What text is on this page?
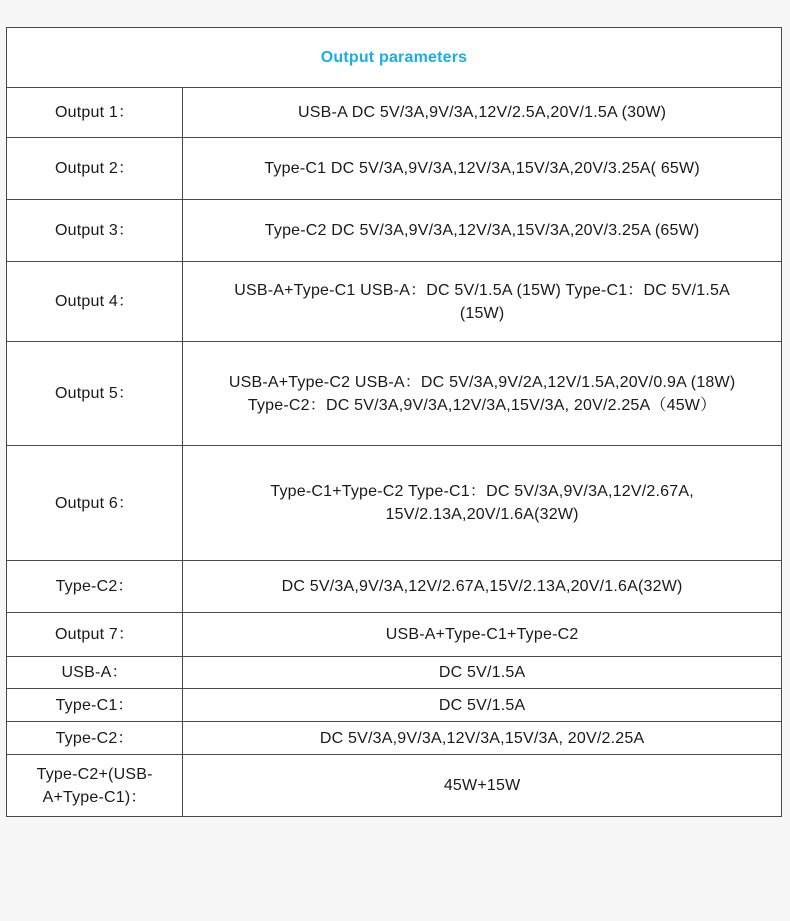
Output parameters	

Output 1：	USB-A DC 5V/3A,9V/3A,12V/2.5A,20V/1.5A (30W)

Output 2：	Type-C1 DC 5V/3A,9V/3A,12V/3A,15V/3A,20V/3.25A( 65W)

Output 3：	Type-C2 DC 5V/3A,9V/3A,12V/3A,15V/3A,20V/3.25A (65W)

Output 4：	USB-A+Type-C1 USB-A：DC 5V/1.5A (15W) Type-C1：DC 5V/1.5A
(15W)

Output 5：	USB-A+Type-C2 USB-A：DC 5V/3A,9V/2A,12V/1.5A,20V/0.9A (18W)
Type-C2：DC 5V/3A,9V/3A,12V/3A,15V/3A, 20V/2.25A（45W）

Output 6：	Type-C1+Type-C2 Type-C1：DC 5V/3A,9V/3A,12V/2.67A,
15V/2.13A,20V/1.6A(32W)

Type-C2：	DC 5V/3A,9V/3A,12V/2.67A,15V/2.13A,20V/1.6A(32W)

Output 7：	USB-A+Type-C1+Type-C2

USB-A：	DC 5V/1.5A

Type-C1：	DC 5V/1.5A

Type-C2：	DC 5V/3A,9V/3A,12V/3A,15V/3A, 20V/2.25A

Type-C2+(USB-
A+Type-C1)：	45W+15W
